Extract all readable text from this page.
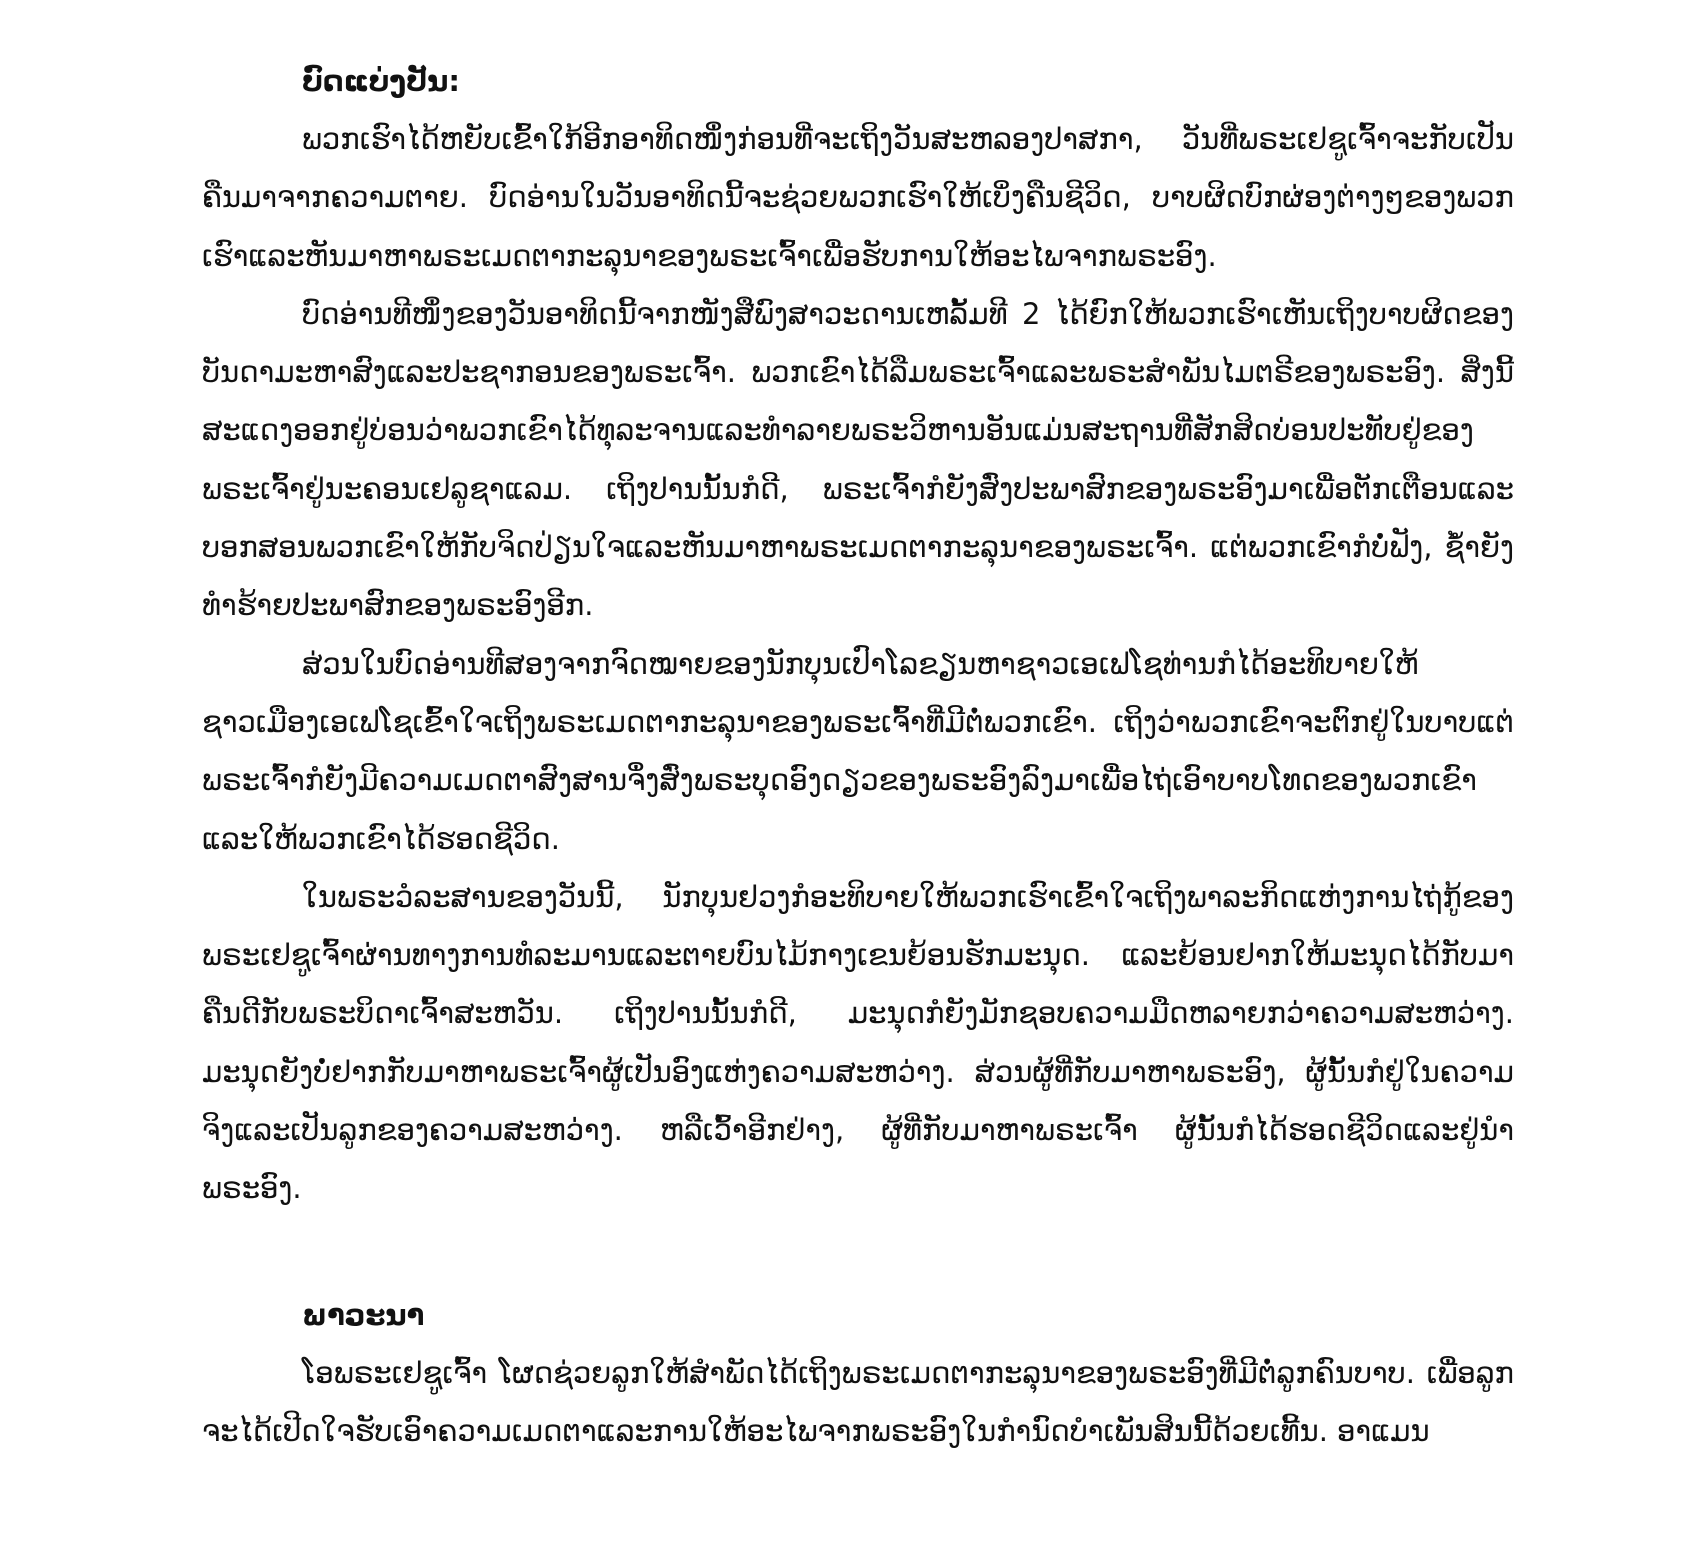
ບົດແບ່ງປັນ:

ພວກເຮົາໄດ້ຫຍັບເຂົ້າໃກ້ອີກອາທິດໜຶ່ງກ່ອນທີ່ຈະເຖິງວັນສະຫລອງປາສກາ, ວັນທີ່ພຣະເຢຊູເຈົ້າຈະກັບເປັນຄືນມາຈາກຄວາມຕາຍ. ບົດອ່ານໃນວັນອາທິດນີ້ຈະຊ່ວຍພວກເຮົາໃຫ້ເບິ່ງຄືນຊີວິດ, ບາບຜິດບົກຜ່ອງຕ່າງໆຂອງພວກເຮົາແລະຫັນມາຫາພຣະເມດຕາກະລຸນາຂອງພຣະເຈົ້າເພື່ອຮັບການໃຫ້ອະໄພຈາກພຣະອົງ.

ບົດອ່ານທີໜຶ່ງຂອງວັນອາທິດນີ້ຈາກໜັງສືພົງສາວະດານເຫລັ້ມທີ 2 ໄດ້ຍົກໃຫ້ພວກເຮົາເຫັນເຖິງບາບຜິດຂອງບັນດາມະຫາສົງແລະປະຊາກອນຂອງພຣະເຈົ້າ. ພວກເຂົາໄດ້ລືມພຣະເຈົ້າແລະພຣະສຳພັນໄມຕຣີຂອງພຣະອົງ. ສິ່ງນີ້ສະແດງອອກຢູ່ບ່ອນວ່າພວກເຂົາໄດ້ທຸລະຈານແລະທຳລາຍພຣະວິຫານອັນແມ່ນສະຖານທີ່ສັກສິດບ່ອນປະທັບຢູ່ຂອງພຣະເຈົ້າຢູ່ນະຄອນເຢລູຊາແລມ. ເຖິງປານນັ້ນກໍດີ, ພຣະເຈົ້າກໍຍັງສົ່ງປະພາສົກຂອງພຣະອົງມາເພື່ອຕັກເຕືອນແລະບອກສອນພວກເຂົາໃຫ້ກັບຈິດປ່ຽນໃຈແລະຫັນມາຫາພຣະເມດຕາກະລຸນາຂອງພຣະເຈົ້າ. ແຕ່ພວກເຂົາກໍບໍ່ຟັງ, ຊ້ຳຍັງທຳຮ້າຍປະພາສົກຂອງພຣະອົງອີກ.

ສ່ວນໃນບົດອ່ານທີສອງຈາກຈົດໝາຍຂອງນັກບຸນເປົາໂລຂຽນຫາຊາວເອເຟໂຊທ່ານກໍໄດ້ອະທິບາຍໃຫ້ຊາວເມືອງເອເຟໂຊເຂົ້າໃຈເຖິງພຣະເມດຕາກະລຸນາຂອງພຣະເຈົ້າທີ່ມີຕໍ່ພວກເຂົາ. ເຖິງວ່າພວກເຂົາຈະຕົກຢູ່ໃນບາບແຕ່ພຣະເຈົ້າກໍຍັງມີຄວາມເມດຕາສົງສານຈຶ່ງສົ່ງພຣະບຸດອົງດຽວຂອງພຣະອົງລົງມາເພື່ອໄຖ່ເອົາບາບໂທດຂອງພວກເຂົາແລະໃຫ້ພວກເຂົາໄດ້ຮອດຊີວິດ.

ໃນພຣະວໍລະສານຂອງວັນນີ້, ນັກບຸນຢວງກໍອະທິບາຍໃຫ້ພວກເຮົາເຂົ້າໃຈເຖິງພາລະກິດແຫ່ງການໄຖ່ກູ້ຂອງພຣະເຢຊູເຈົ້າຜ່ານທາງການທໍລະມານແລະຕາຍບົນໄມ້ກາງເຂນຍ້ອນຮັກມະນຸດ. ແລະຍ້ອນຢາກໃຫ້ມະນຸດໄດ້ກັບມາຄືນດີກັບພຣະບິດາເຈົ້າສະຫວັນ. ເຖິງປານນັ້ນກໍດີ, ມະນຸດກໍຍັງມັກຊອບຄວາມມືດຫລາຍກວ່າຄວາມສະຫວ່າງ. ມະນຸດຍັງບໍ່ຢາກກັບມາຫາພຣະເຈົ້າຜູ້ເປັນອົງແຫ່ງຄວາມສະຫວ່າງ. ສ່ວນຜູ້ທີ່ກັບມາຫາພຣະອົງ, ຜູ້ນັ້ນກໍຢູ່ໃນຄວາມຈິງແລະເປັນລູກຂອງຄວາມສະຫວ່າງ. ຫລືເວົ້າອີກຢ່າງ, ຜູ້ທີ່ກັບມາຫາພຣະເຈົ້າ ຜູ້ນັ້ນກໍໄດ້ຮອດຊີວິດແລະຢູ່ນຳພຣະອົງ.

ພາວະນາ

ໂອພຣະເຢຊູເຈົ້າ ໂຜດຊ່ວຍລູກໃຫ້ສຳພັດໄດ້ເຖິງພຣະເມດຕາກະລຸນາຂອງພຣະອົງທີ່ມີຕໍ່ລູກຄົນບາບ. ເພື່ອລູກຈະໄດ້ເປີດໃຈຮັບເອົາຄວາມເມດຕາແລະການໃຫ້ອະໄພຈາກພຣະອົງໃນກຳນົດບຳເພັນສິນນີ້ດ້ວຍເທີ້ນ. ອາແມນ
